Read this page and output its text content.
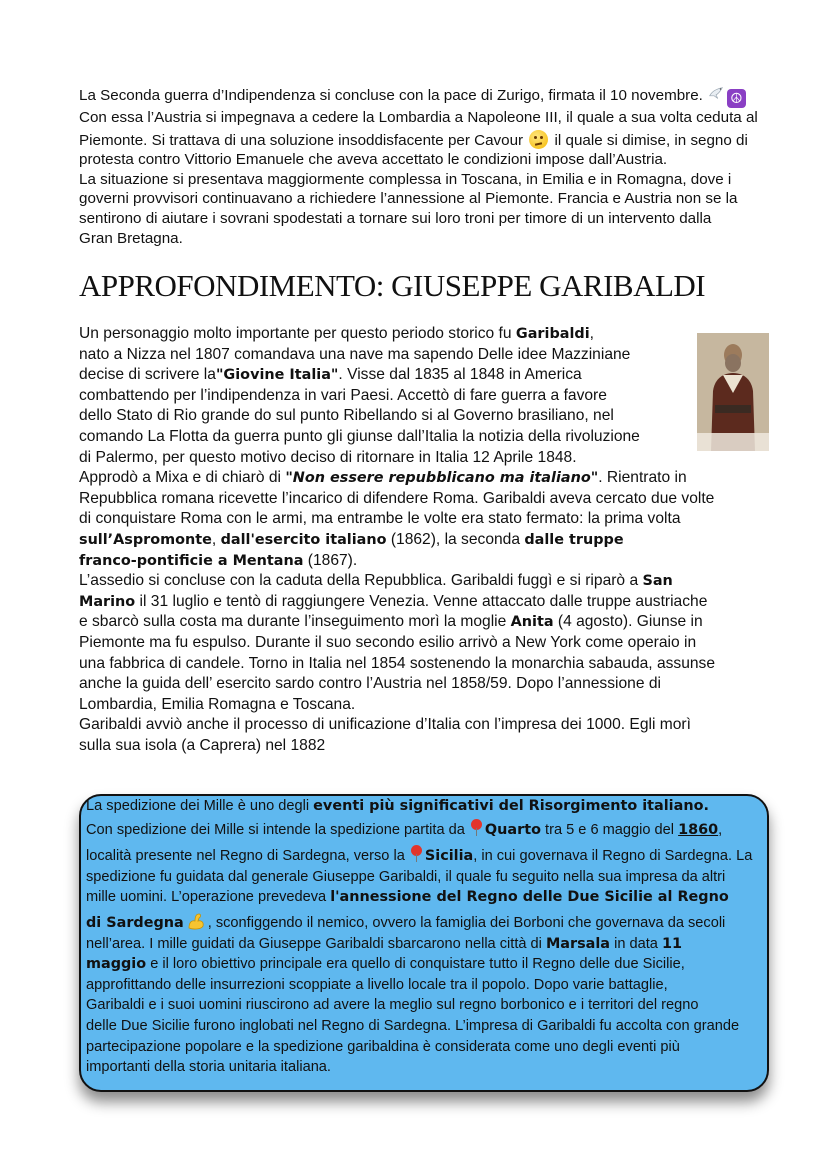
La Seconda guerra d’Indipendenza si concluse con la pace di Zurigo, firmata il 10 novembre. ☮
Con essa l’Austria si impegnava a cedere la Lombardia a Napoleone III, il quale a sua volta ceduta al
Piemonte. Si trattava di una soluzione insoddisfacente per Cavour il quale si dimise, in segno di
protesta contro Vittorio Emanuele che aveva accettato le condizioni impose dall’Austria.
La situazione si presentava maggiormente complessa in Toscana, in Emilia e in Romagna, dove i
governi provvisori continuavano a richiedere l’annessione al Piemonte. Francia e Austria non se la
sentirono di aiutare i sovrani spodestati a tornare sui loro troni per timore di un intervento dalla
Gran Bretagna.

APPROFONDIMENTO: GIUSEPPE GARIBALDI

Un personaggio molto importante per questo periodo storico fu Garibaldi,
nato a Nizza nel 1807 comandava una nave ma sapendo Delle idee Mazziniane
decise di scrivere la"Giovine Italia". Visse dal 1835 al 1848 in America
combattendo per l’indipendenza in vari Paesi. Accettò di fare guerra a favore
dello Stato di Rio grande do sul punto Ribellando si al Governo brasiliano, nel
comando La Flotta da guerra punto gli giunse dall’Italia la notizia della rivoluzione
di Palermo, per questo motivo deciso di ritornare in Italia 12 Aprile 1848.
Approdò a Mixa e di chiarò di "Non essere repubblicano ma italiano". Rientrato in
Repubblica romana ricevette l’incarico di difendere Roma. Garibaldi aveva cercato due volte
di conquistare Roma con le armi, ma entrambe le volte era stato fermato: la prima volta
sull’Aspromonte, dall'esercito italiano (1862), la seconda dalle truppe
franco-pontificie a Mentana (1867).
L’assedio si concluse con la caduta della Repubblica. Garibaldi fuggì e si riparò a San
Marino il 31 luglio e tentò di raggiungere Venezia. Venne attaccato dalle truppe austriache
e sbarcò sulla costa ma durante l’inseguimento morì la moglie Anita (4 agosto). Giunse in
Piemonte ma fu espulso. Durante il suo secondo esilio arrivò a New York come operaio in
una fabbrica di candele. Torno in Italia nel 1854 sostenendo la monarchia sabauda, assunse
anche la guida dell’ esercito sardo contro l’Austria nel 1858/59. Dopo l’annessione di
Lombardia, Emilia Romagna e Toscana.
Garibaldi avviò anche il processo di unificazione d’Italia con l’impresa dei 1000. Egli morì
sulla sua isola (a Caprera) nel 1882

La spedizione dei Mille è uno degli eventi più significativi del Risorgimento italiano.
Con spedizione dei Mille si intende la spedizione partita da Quarto tra 5 e 6 maggio del 1860,
località presente nel Regno di Sardegna, verso la Sicilia, in cui governava il Regno di Sardegna. La
spedizione fu guidata dal generale Giuseppe Garibaldi, il quale fu seguito nella sua impresa da altri
mille uomini. L’operazione prevedeva l'annessione del Regno delle Due Sicilie al Regno
di Sardegna , sconfiggendo il nemico, ovvero la famiglia dei Borboni che governava da secoli
nell’area. I mille guidati da Giuseppe Garibaldi sbarcarono nella città di Marsala in data 11
maggio e il loro obiettivo principale era quello di conquistare tutto il Regno delle due Sicilie,
approfittando delle insurrezioni scoppiate a livello locale tra il popolo. Dopo varie battaglie,
Garibaldi e i suoi uomini riuscirono ad avere la meglio sul regno borbonico e i territori del regno
delle Due Sicilie furono inglobati nel Regno di Sardegna. L’impresa di Garibaldi fu accolta con grande
partecipazione popolare e la spedizione garibaldina è considerata come uno degli eventi più
importanti della storia unitaria italiana.
